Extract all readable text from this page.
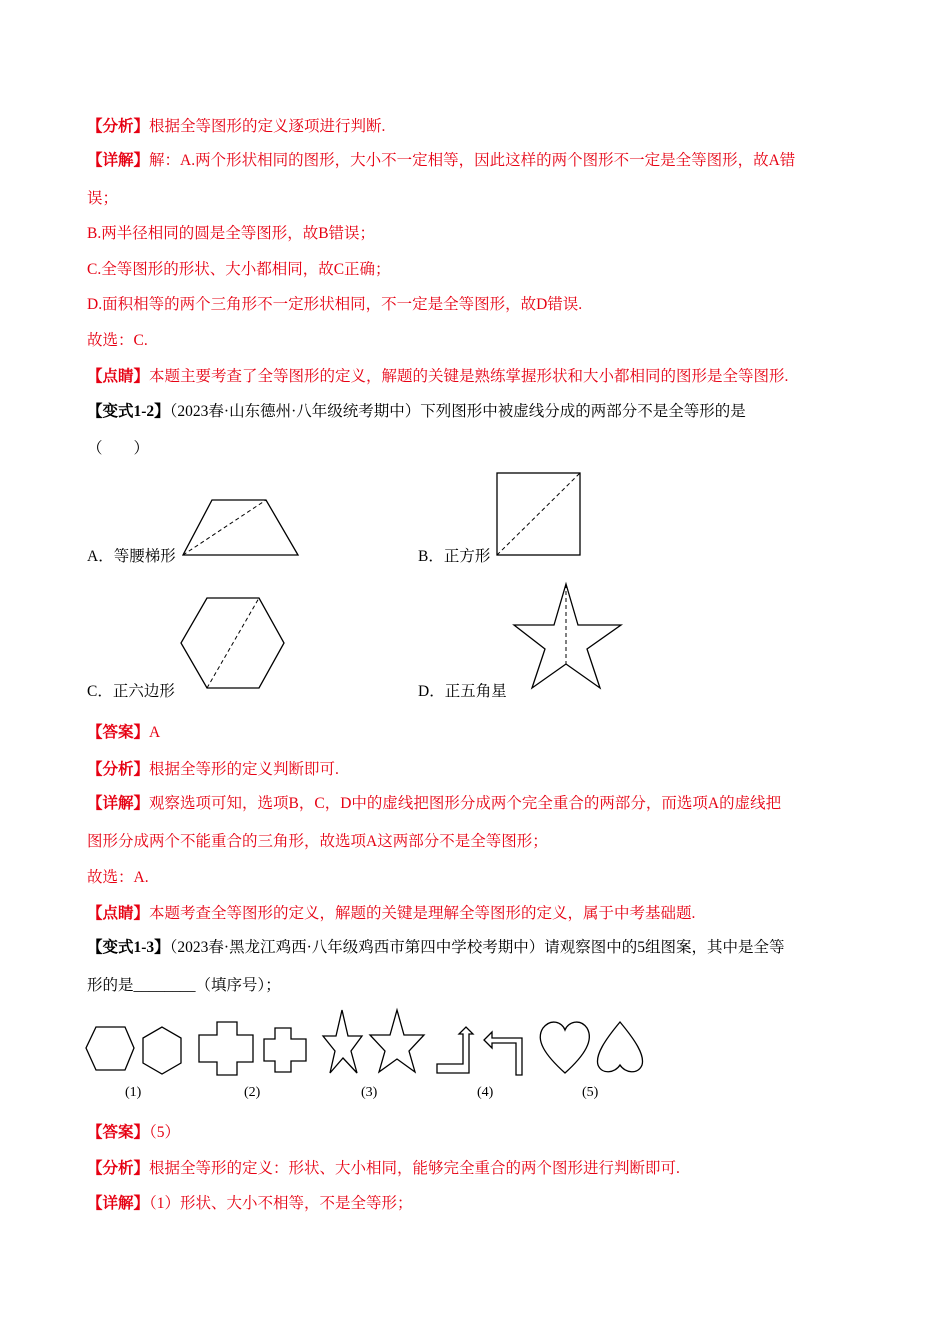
【分析】根据全等图形的定义逐项进行判断.
【详解】解：A.两个形状相同的图形，大小不一定相等，因此这样的两个图形不一定是全等图形，故A错
误；
B.两半径相同的圆是全等图形，故B错误；
C.全等图形的形状、大小都相同，故C正确；
D.面积相等的两个三角形不一定形状相同，不一定是全等图形，故D错误.
故选：C.
【点睛】本题主要考查了全等图形的定义，解题的关键是熟练掌握形状和大小都相同的图形是全等图形.
【变式1-2】（2023春·山东德州·八年级统考期中）下列图形中被虚线分成的两部分不是全等形的是
（　　）
A．等腰梯形	B．正方形
C．正六边形	D．正五角星
【答案】A
【分析】根据全等形的定义判断即可.
【详解】观察选项可知，选项B，C，D中的虚线把图形分成两个完全重合的两部分，而选项A的虚线把
图形分成两个不能重合的三角形，故选项A这两部分不是全等图形；
故选：A.
【点睛】本题考查全等图形的定义，解题的关键是理解全等图形的定义，属于中考基础题.
【变式1-3】（2023春·黑龙江鸡西·八年级鸡西市第四中学校考期中）请观察图中的5组图案，其中是全等
形的是________（填序号）；
(1)	(2)	(3)	(4)	(5)
【答案】（5）
【分析】根据全等形的定义：形状、大小相同，能够完全重合的两个图形进行判断即可.
【详解】（1）形状、大小不相等，不是全等形；
